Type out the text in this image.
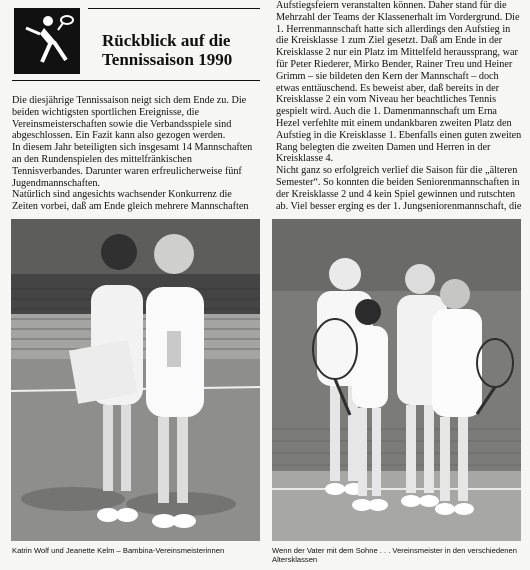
Rückblick auf die
Tennissaison 1990

Die diesjährige Tennissaison neigt sich dem Ende zu. Die beiden wichtigsten sportlichen Ereignisse, die Vereinsmeisterschaften sowie die Verbandsspiele sind abgeschlossen. Ein Fazit kann also gezogen werden.

In diesem Jahr beteiligten sich insgesamt 14 Mannschaften an den Rundenspielen des mittelfränkischen Tennisverbandes. Darunter waren erfreulicherweise fünf Jugendmannschaften.

Natürlich sind angesichts wachsender Konkurrenz die Zeiten vorbei, daß am Ende gleich mehrere Mannschaften

Aufstiegsfeiern veranstalten können. Daher stand für die Mehrzahl der Teams der Klassenerhalt im Vordergrund. Die 1. Herrenmannschaft hatte sich allerdings den Aufstieg in die Kreisklasse 1 zum Ziel gesetzt. Daß am Ende in der Kreisklasse 2 nur ein Platz im Mittelfeld heraussprang, war für Peter Riederer, Mirko Bender, Rainer Treu und Heiner Grimm – sie bildeten den Kern der Mannschaft – doch etwas enttäuschend. Es beweist aber, daß bereits in der Kreisklasse 2 ein vom Niveau her beachtliches Tennis gespielt wird. Auch die 1. Damenmannschaft um Erna Hezel verfehlte mit einem undankbaren zweiten Platz den Aufstieg in die Kreisklasse 1. Ebenfalls einen guten zweiten Rang belegten die zweiten Damen und Herren in der Kreisklasse 4.

Nicht ganz so erfolgreich verlief die Saison für die „älteren Semester“. So konnten die beiden Seniorenmannschaften in der Kreisklasse 2 und 4 kein Spiel gewinnen und rutschten ab. Viel besser erging es der 1. Jungseniorenmannschaft, die

Katrin Wolf und Jeanette Kelm – Bambina-Vereinsmeisterinnen	Wenn der Vater mit dem Sohne . . . Vereinsmeister in den verschiedenen Altersklassen
